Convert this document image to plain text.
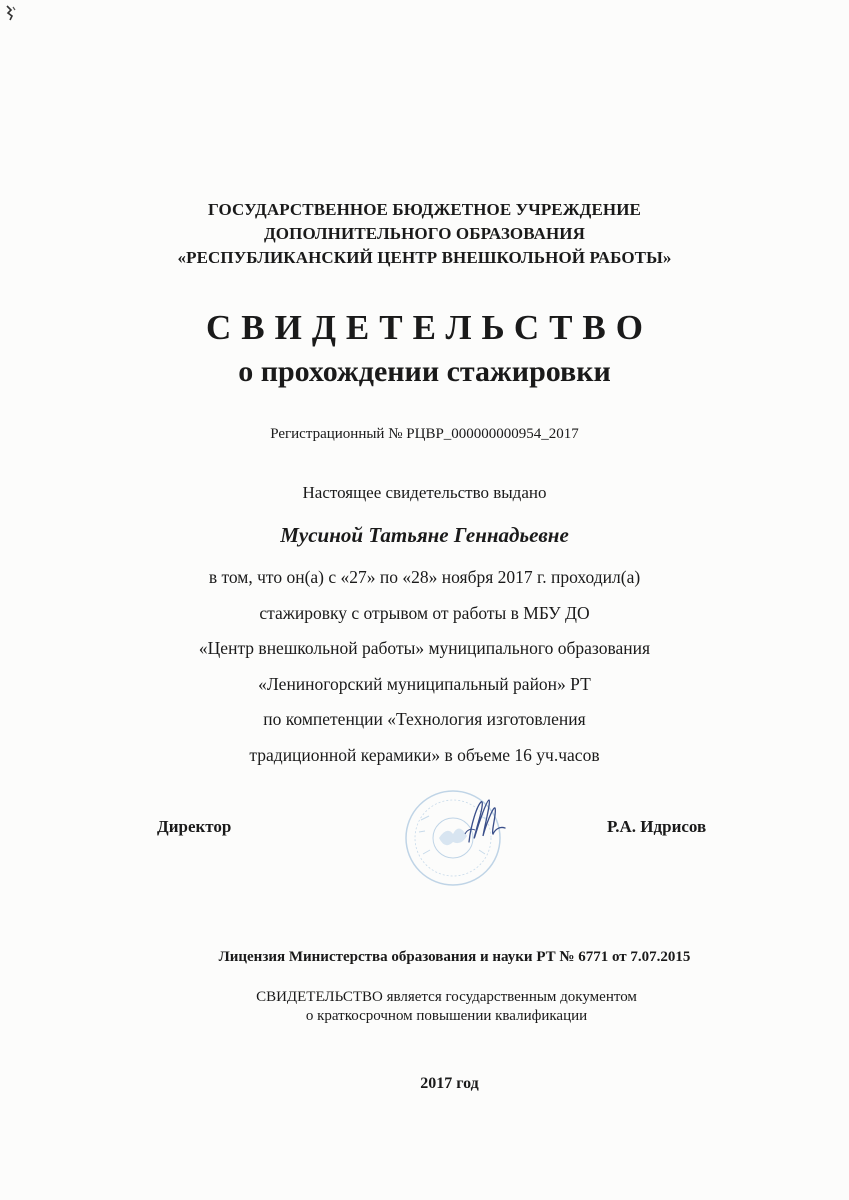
ГОСУДАРСТВЕННОЕ БЮДЖЕТНОЕ УЧРЕЖДЕНИЕ
ДОПОЛНИТЕЛЬНОГО ОБРАЗОВАНИЯ
«РЕСПУБЛИКАНСКИЙ ЦЕНТР ВНЕШКОЛЬНОЙ РАБОТЫ»
СВИДЕТЕЛЬСТВО
о прохождении стажировки
Регистрационный № РЦВР_000000000954_2017
Настоящее свидетельство выдано
Мусиной Татьяне Геннадьевне
в том, что он(а) с «27» по «28» ноября 2017 г. проходил(а)
стажировку с отрывом от работы в МБУ ДО
«Центр внешкольной работы» муниципального образования
«Лениногорский муниципальный район» РТ
по компетенции «Технология изготовления
традиционной керамики» в объеме 16 уч.часов
Директор	Р.А. Идрисов
Лицензия Министерства образования и науки РТ № 6771 от 7.07.2015
СВИДЕТЕЛЬСТВО является государственным документом
о краткосрочном повышении квалификации
2017 год
